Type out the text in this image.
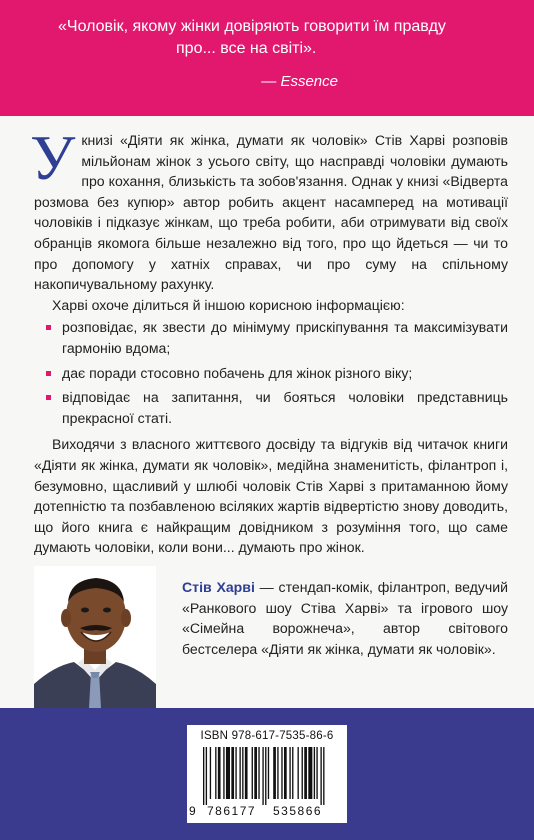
«Чоловік, якому жінки довіряють говорити їм правду
про... все на світі».
— Essence

У книзі «Діяти як жінка, думати як чоловік» Стів Харві розповів мільйонам жінок з усього світу, що насправді чоловіки думають про кохання, близькість та зобов'язання. Однак у книзі «Відверта розмова без купюр» автор робить акцент насамперед на мотивації чоловіків і підказує жінкам, що треба робити, аби отримувати від своїх обранців якомога більше незалежно від того, про що йдеться — чи то про допомогу у хатніх справах, чи про суму на спільному накопичувальному рахунку.

Харві охоче ділиться й іншою корисною інформацією:

розповідає, як звести до мінімуму прискіпування та максимізувати гармонію вдома;
дає поради стосовно побачень для жінок різного віку;
відповідає на запитання, чи бояться чоловіки представниць прекрасної статі.

Виходячи з власного життєвого досвіду та відгуків від читачок книги «Діяти як жінка, думати як чоловік», медійна знаменитість, філантроп і, безумовно, щасливий у шлюбі чоловік Стів Харві з притаманною йому дотепністю та позбавленою всіляких жартів відвертістю знову доводить, що його книга є найкращим довідником з розуміння того, що саме думають чоловіки, коли вони... думають про жінок.

Стів Харві — стендап-комік, філантроп, ведучий «Ранкового шоу Стіва Харві» та ігрового шоу «Сімейна ворожнеча», автор світового бестселера «Діяти як жінка, думати як чоловік».
ISBN 978-617-7535-86-6
9 786177 535866
